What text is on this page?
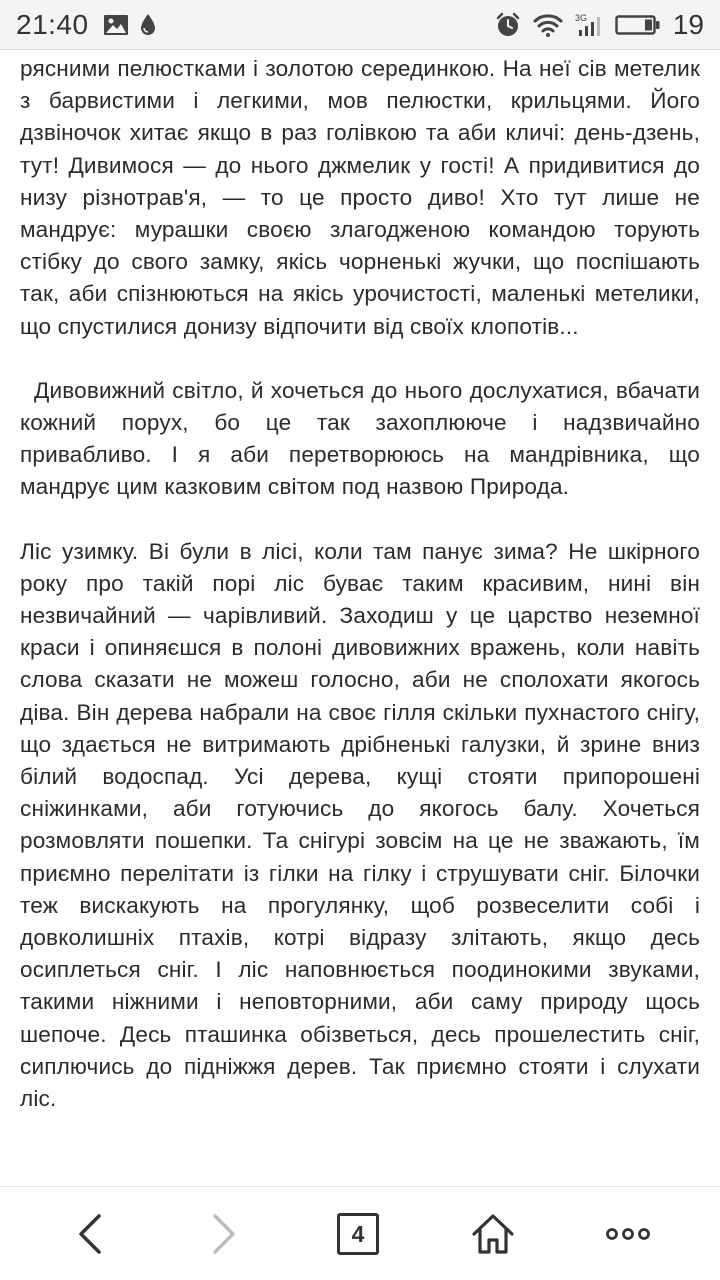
21:40	3G	19

рясними пелюстками і золотою серединкою. На неї сів метелик з барвистими і легкими, мов пелюстки, крильцями. Його дзвіночок хитає якщо в раз голівкою та аби кличі: день-дзень, тут! Дивимося — до нього джмелик у гості! А придивитися до низу різнотрав'я, — то це просто диво! Хто тут лише не мандрує: мурашки своєю злагодженою командою торують стібку до свого замку, якісь чорненькі жучки, що поспішають так, аби спізнюються на якісь урочистості, маленькі метелики, що спустилися донизу відпочити від своїх клопотів...

Дивовижний світло, й хочеться до нього дослухатися, вбачати кожний порух, бо це так захоплююче і надзвичайно привабливо. І я аби перетворююсь на мандрівника, що мандрує цим казковим світом под назвою Природа.

Ліс узимку. Ві були в лісі, коли там панує зима? Не шкірного року про такій порі ліс буває таким красивим, нині він незвичайний — чарівливий. Заходиш у це царство неземної краси і опиняєшся в полоні дивовижних вражень, коли навіть слова сказати не можеш голосно, аби не сполохати якогось діва. Він дерева набрали на своє гілля скільки пухнастого снігу, що здається не витримають дрібненькі галузки, й зрине вниз білий водоспад. Усі дерева, кущі стояти припорошені сніжинками, аби готуючись до якогось балу. Хочеться розмовляти пошепки. Та снігурі зовсім на це не зважають, їм приємно перелітати із гілки на гілку і струшувати сніг. Білочки теж вискакують на прогулянку, щоб розвеселити собі і довколишніх птахів, котрі відразу злітають, якщо десь осиплеться сніг. І ліс наповнюється поодинокими звуками, такими ніжними і неповторними, аби саму природу щось шепоче. Десь пташинка обізветься, десь прошелестить сніг, сиплючись до підніжжя дерев. Так приємно стояти і слухати ліс.

4
